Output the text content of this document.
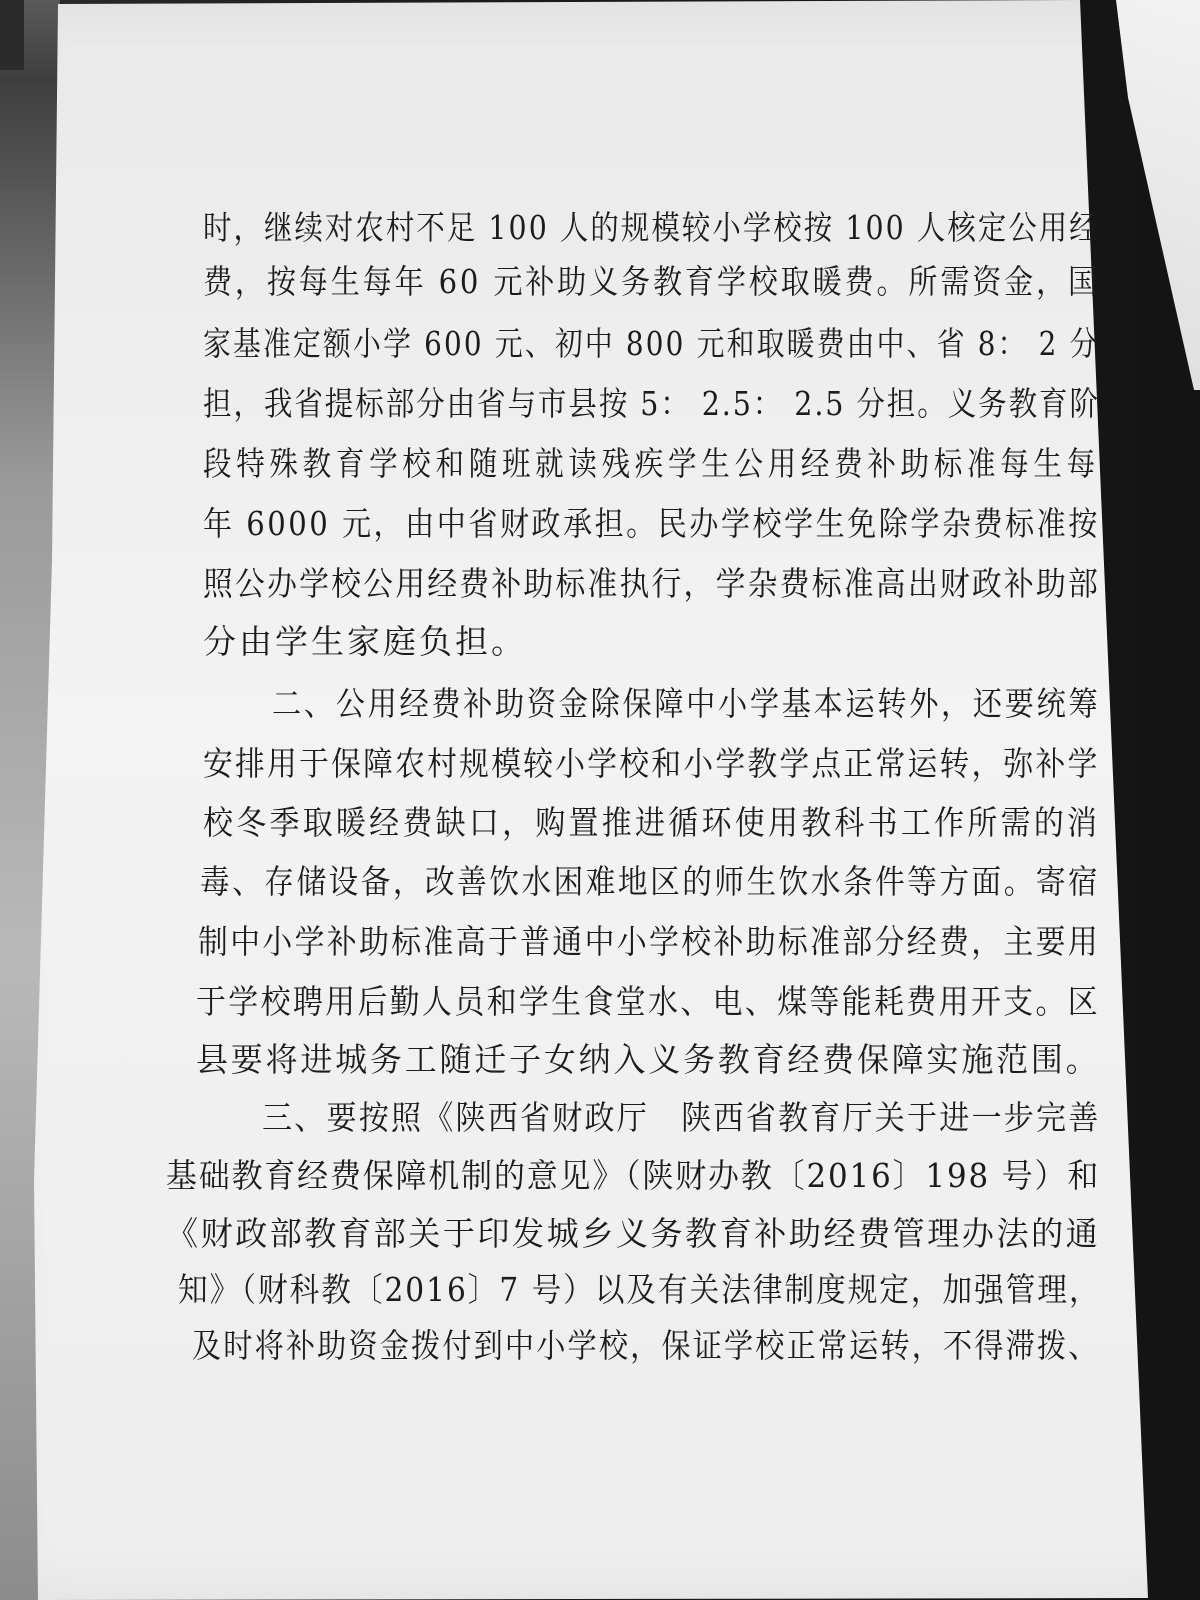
时，继续对农村不足 100 人的规模较小学校按 100 人核定公用经
费，按每生每年 60 元补助义务教育学校取暖费。所需资金，国
家基准定额小学 600 元、初中 800 元和取暖费由中、省 8： 2 分
担，我省提标部分由省与市县按 5： 2.5： 2.5 分担。义务教育阶
段特殊教育学校和随班就读残疾学生公用经费补助标准每生每
年 6000 元，由中省财政承担。民办学校学生免除学杂费标准按
照公办学校公用经费补助标准执行，学杂费标准高出财政补助部
分由学生家庭负担。
二、公用经费补助资金除保障中小学基本运转外，还要统筹
安排用于保障农村规模较小学校和小学教学点正常运转，弥补学
校冬季取暖经费缺口，购置推进循环使用教科书工作所需的消
毒、存储设备，改善饮水困难地区的师生饮水条件等方面。寄宿
制中小学补助标准高于普通中小学校补助标准部分经费，主要用
于学校聘用后勤人员和学生食堂水、电、煤等能耗费用开支。区
县要将进城务工随迁子女纳入义务教育经费保障实施范围。
三、要按照《陕西省财政厅　陕西省教育厅关于进一步完善
基础教育经费保障机制的意见》（陕财办教〔2016〕198 号）和
《财政部教育部关于印发城乡义务教育补助经费管理办法的通
知》（财科教〔2016〕7 号）以及有关法律制度规定，加强管理，
及时将补助资金拨付到中小学校，保证学校正常运转，不得滞拨、
